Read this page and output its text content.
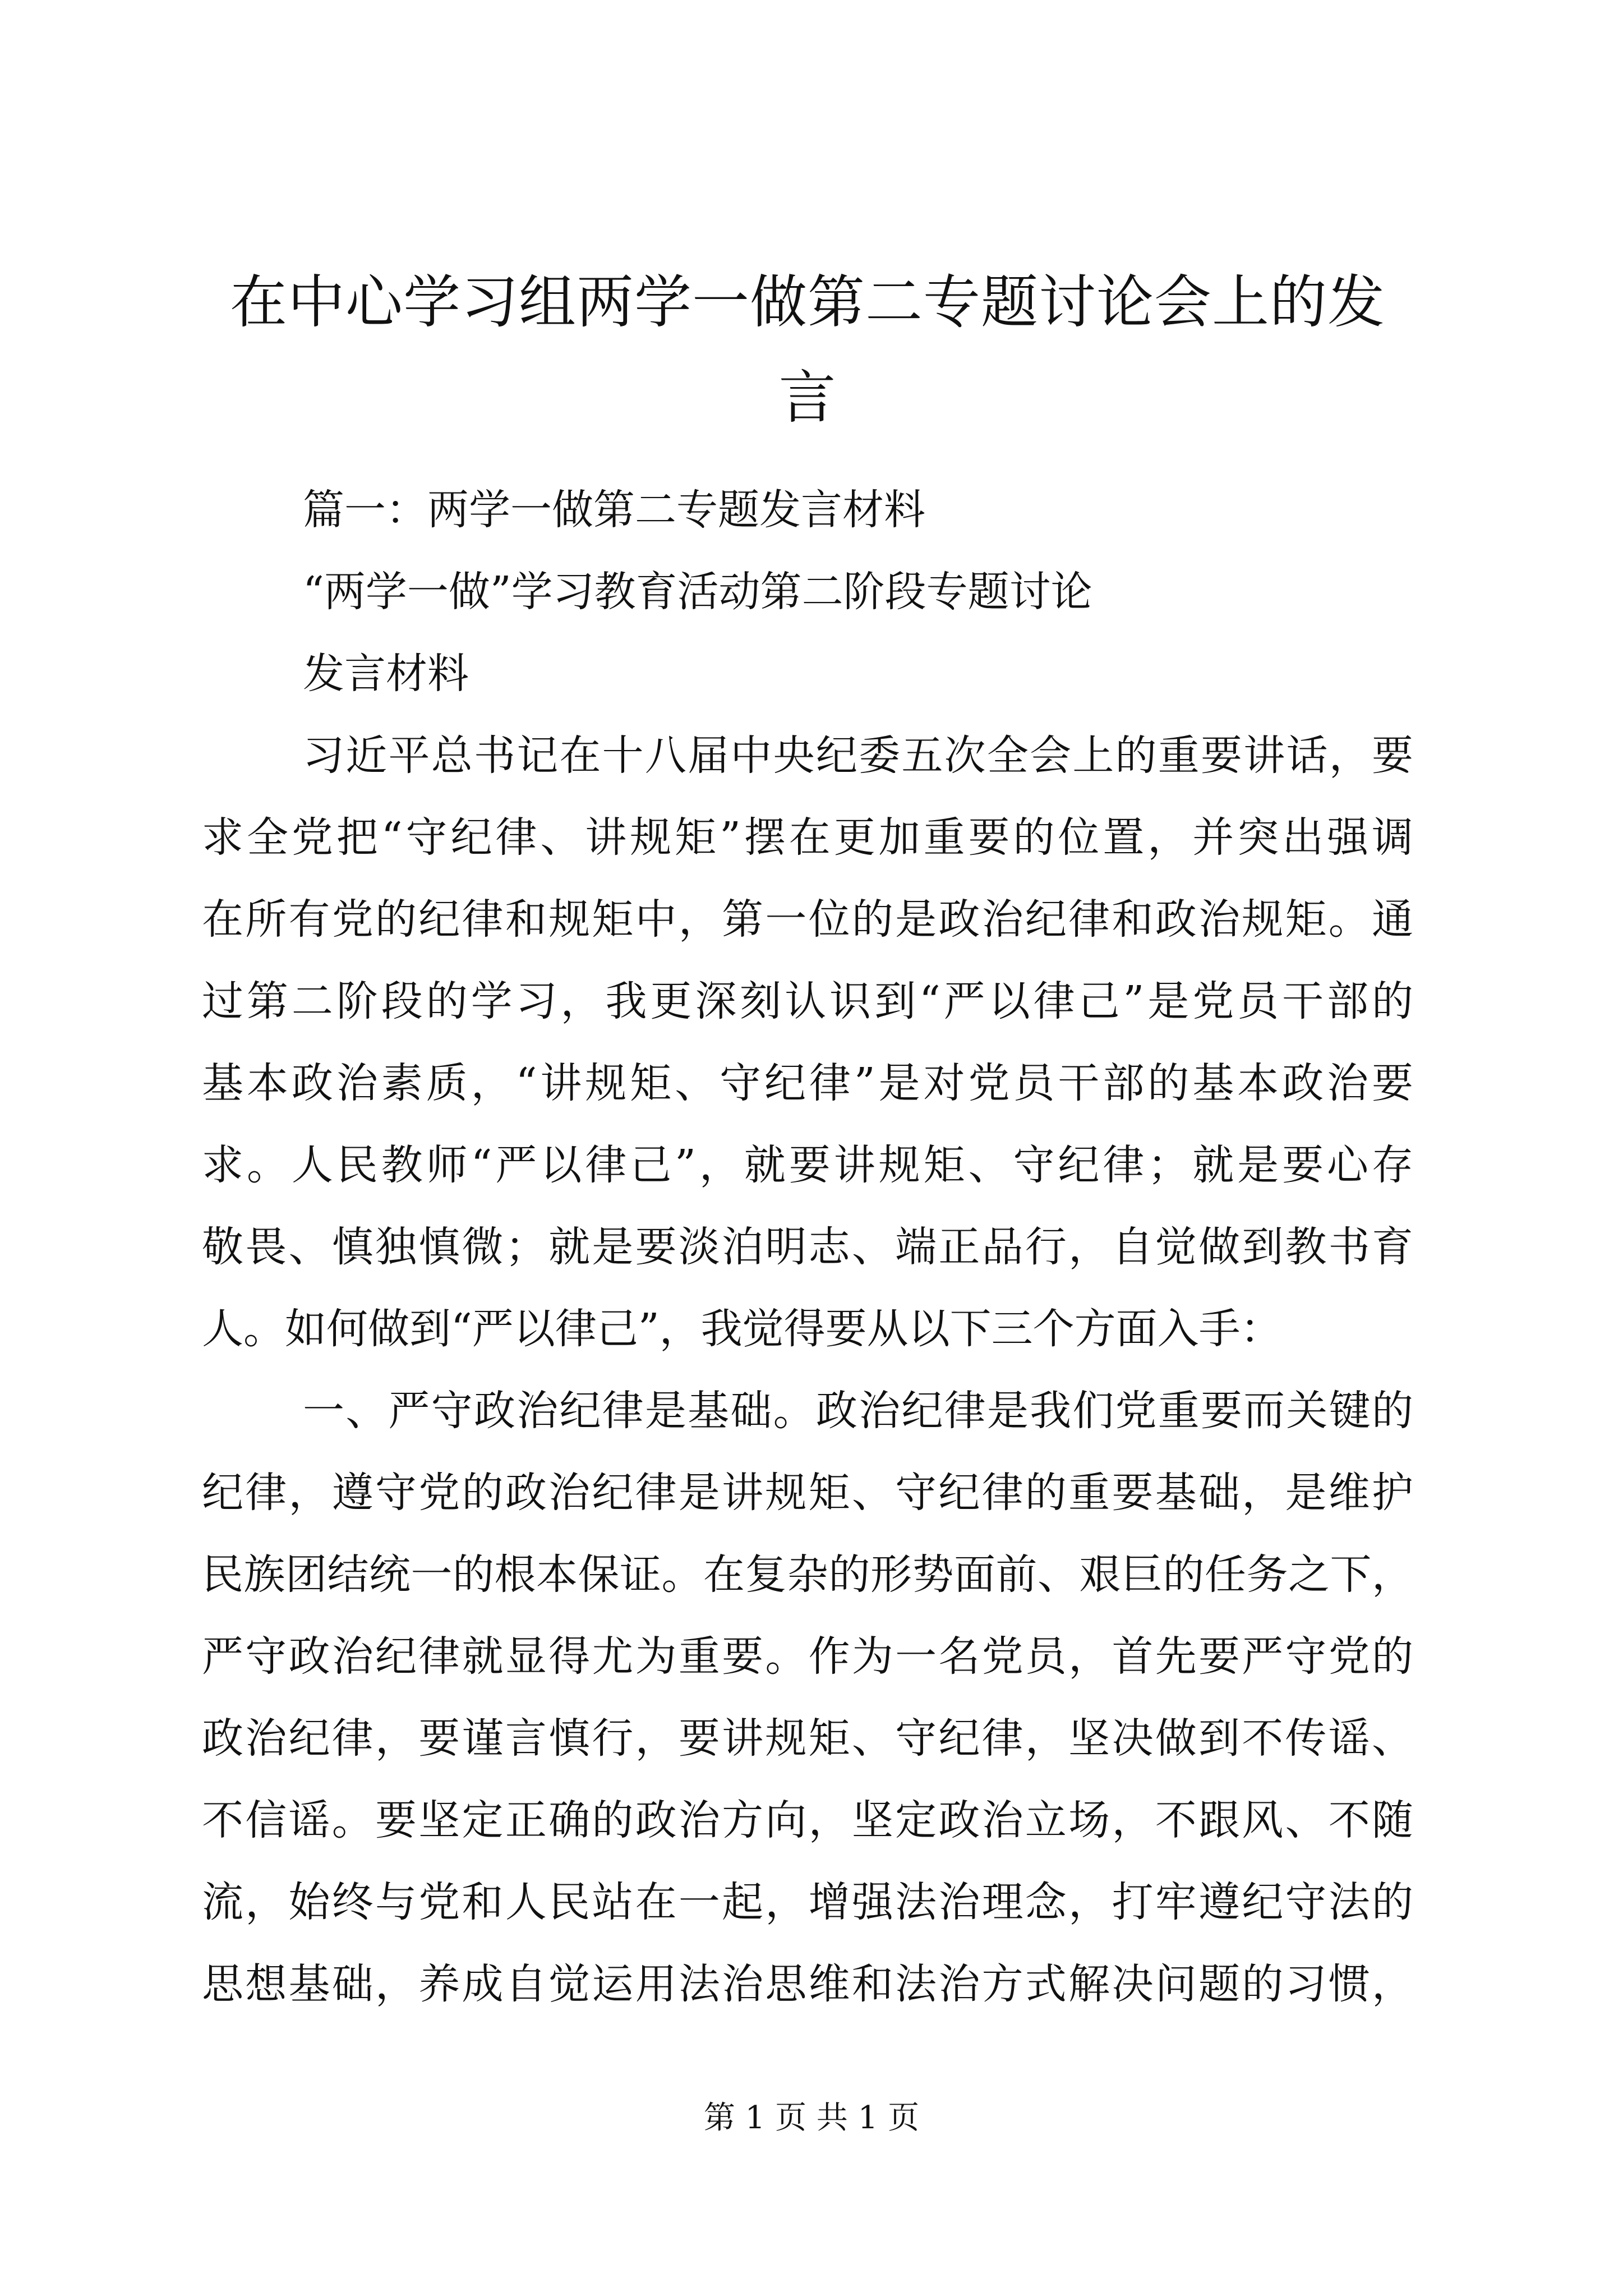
在中心学习组两学一做第二专题讨论会上的发言
篇一：两学一做第二专题发言材料
“两学一做”学习教育活动第二阶段专题讨论
发言材料
习近平总书记在十八届中央纪委五次全会上的重要讲话，要
求全党把“守纪律、讲规矩”摆在更加重要的位置，并突出强调
在所有党的纪律和规矩中，第一位的是政治纪律和政治规矩。通
过第二阶段的学习，我更深刻认识到“严以律己”是党员干部的
基本政治素质，“讲规矩、守纪律”是对党员干部的基本政治要
求。人民教师“严以律己”，就要讲规矩、守纪律；就是要心存
敬畏、慎独慎微；就是要淡泊明志、端正品行，自觉做到教书育
人。如何做到“严以律己”，我觉得要从以下三个方面入手：
一、严守政治纪律是基础。政治纪律是我们党重要而关键的
纪律，遵守党的政治纪律是讲规矩、守纪律的重要基础，是维护
民族团结统一的根本保证。在复杂的形势面前、艰巨的任务之下，
严守政治纪律就显得尤为重要。作为一名党员，首先要严守党的
政治纪律，要谨言慎行，要讲规矩、守纪律，坚决做到不传谣、
不信谣。要坚定正确的政治方向，坚定政治立场，不跟风、不随
流，始终与党和人民站在一起，增强法治理念，打牢遵纪守法的
思想基础，养成自觉运用法治思维和法治方式解决问题的习惯，
第 1 页 共 1 页
